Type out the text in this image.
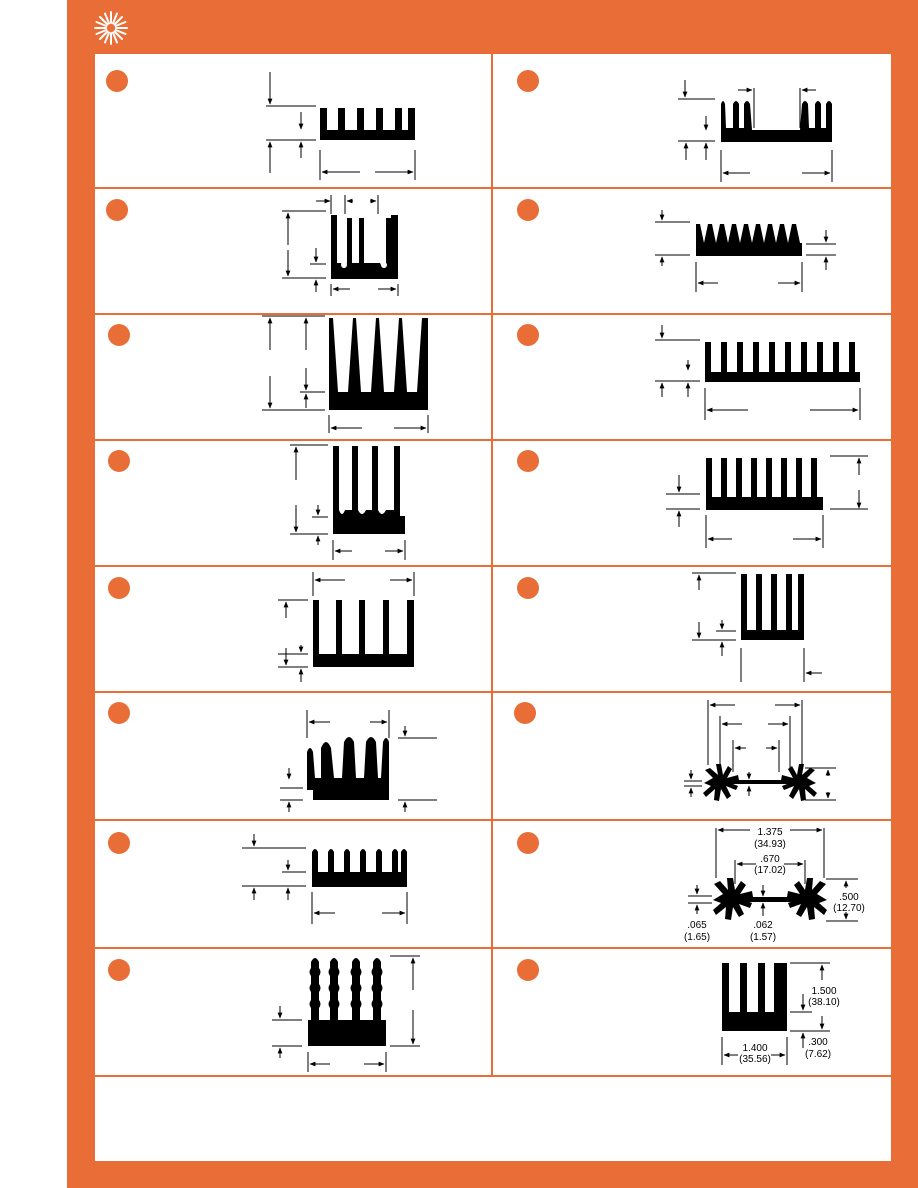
1.375
(34.93)
.670
(17.02)
.500
(12.70)
.065
(1.65)
.062
(1.57)
1.500
(38.10)
.300
(7.62)
1.400
(35.56)
